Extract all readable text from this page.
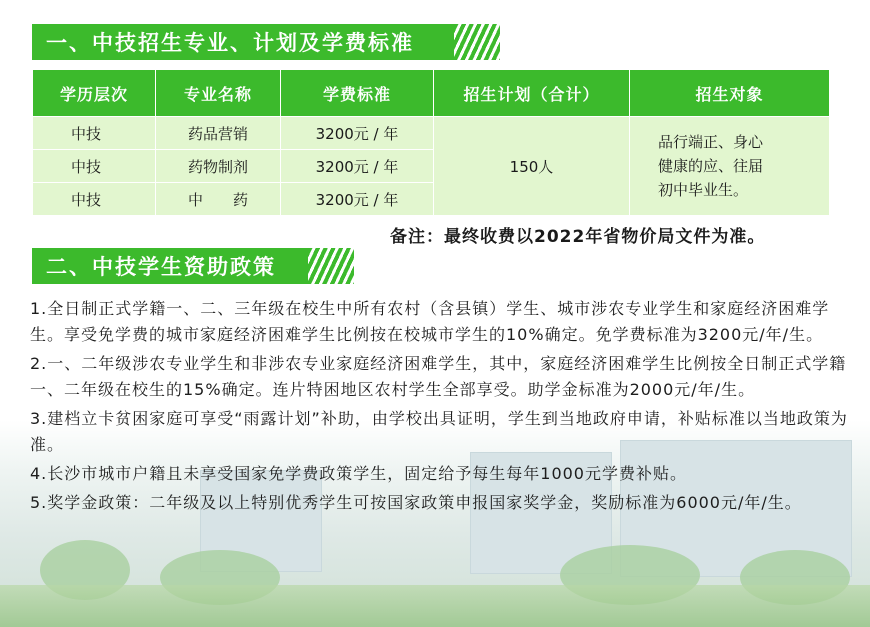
一、中技招生专业、计划及学费标准
学历层次	专业名称	学费标准	招生计划（合计）	招生对象
中技	药品营销	3200元 / 年	150人	品行端正、身心
健康的应、往届
初中毕业生。

中技	药物制剂	3200元 / 年		
中技	中　　药	3200元 / 年		
备注：最终收费以2022年省物价局文件为准。
二、中技学生资助政策

1.全日制正式学籍一、二、三年级在校生中所有农村（含县镇）学生、城市涉农专业学生和家庭经济困难学生。享受免学费的城市家庭经济困难学生比例按在校城市学生的10%确定。免学费标准为3200元/年/生。

2.一、二年级涉农专业学生和非涉农专业家庭经济困难学生，其中，家庭经济困难学生比例按全日制正式学籍一、二年级在校生的15%确定。连片特困地区农村学生全部享受。助学金标准为2000元/年/生。

3.建档立卡贫困家庭可享受“雨露计划”补助，由学校出具证明，学生到当地政府申请，补贴标准以当地政策为准。

4.长沙市城市户籍且未享受国家免学费政策学生，固定给予每生每年1000元学费补贴。

5.奖学金政策：二年级及以上特别优秀学生可按国家政策申报国家奖学金，奖励标准为6000元/年/生。
